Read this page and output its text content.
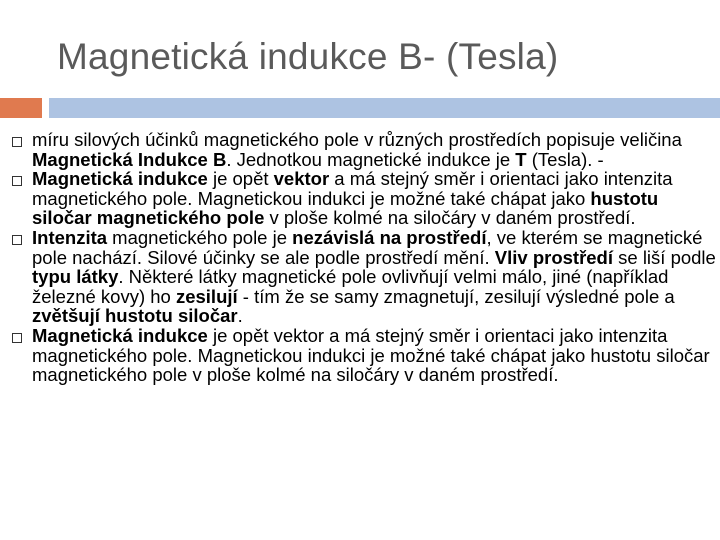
Magnetická indukce B- (Tesla)
míru silových účinků magnetického pole v různých prostředích popisuje veličina Magnetická Indukce B. Jednotkou magnetické indukce je T (Tesla). -
Magnetická indukce je opět vektor a má stejný směr i orientaci jako intenzita magnetického pole. Magnetickou indukci je možné také chápat jako hustotu siločar magnetického pole v ploše kolmé na siločáry v daném prostředí.
Intenzita magnetického pole je nezávislá na prostředí, ve kterém se magnetické pole nachází. Silové účinky se ale podle prostředí mění. Vliv prostředí se liší podle typu látky. Některé látky magnetické pole ovlivňují velmi málo, jiné (například železné kovy) ho zesilují - tím že se samy zmagnetují, zesilují výsledné pole a zvětšují hustotu siločar.
Magnetická indukce je opět vektor a má stejný směr i orientaci jako intenzita magnetického pole. Magnetickou indukci je možné také chápat jako hustotu siločar magnetického pole v ploše kolmé na siločáry v daném prostředí.
